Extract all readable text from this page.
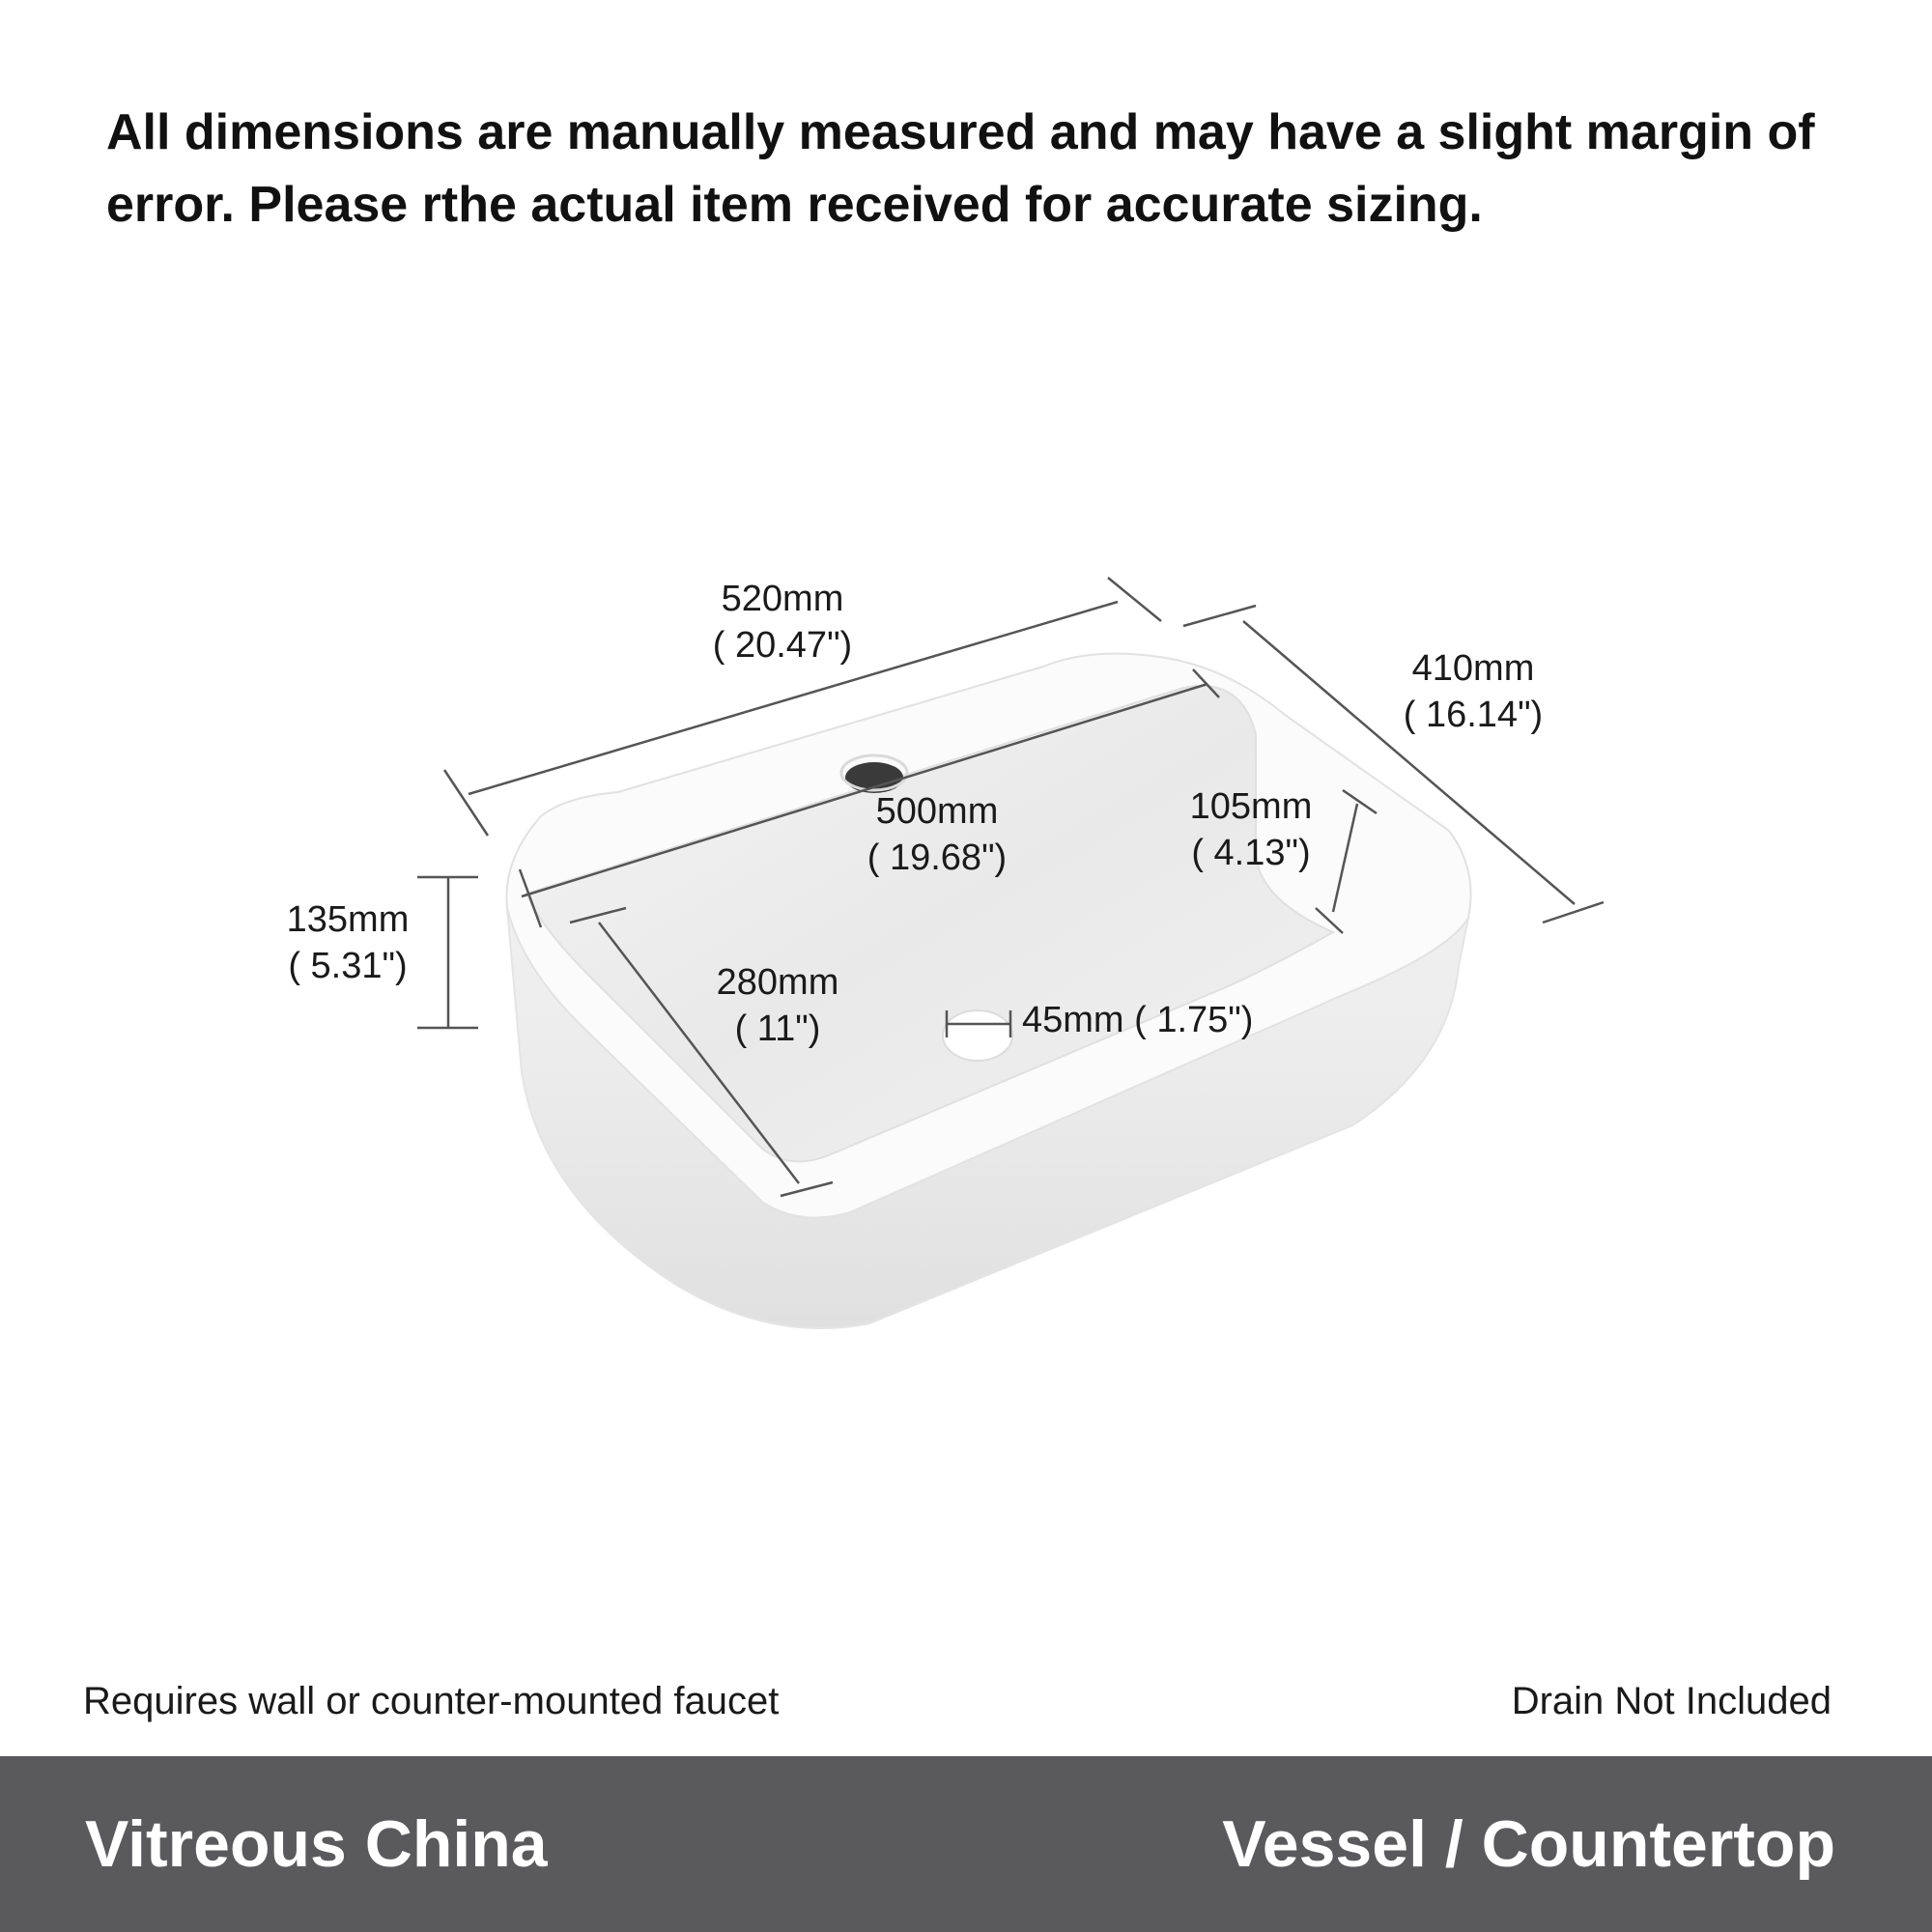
All dimensions are manually measured and may have a slight margin of
error. Please rthe actual item received for accurate sizing.

520mm
( 20.47")
410mm
( 16.14")
500mm
( 19.68")
105mm
( 4.13")
135mm
( 5.31")	280mm
( 11")	45mm ( 1.75")
Requires wall or counter-mounted faucet	Drain Not Included
Vitreous China	Vessel / Countertop
